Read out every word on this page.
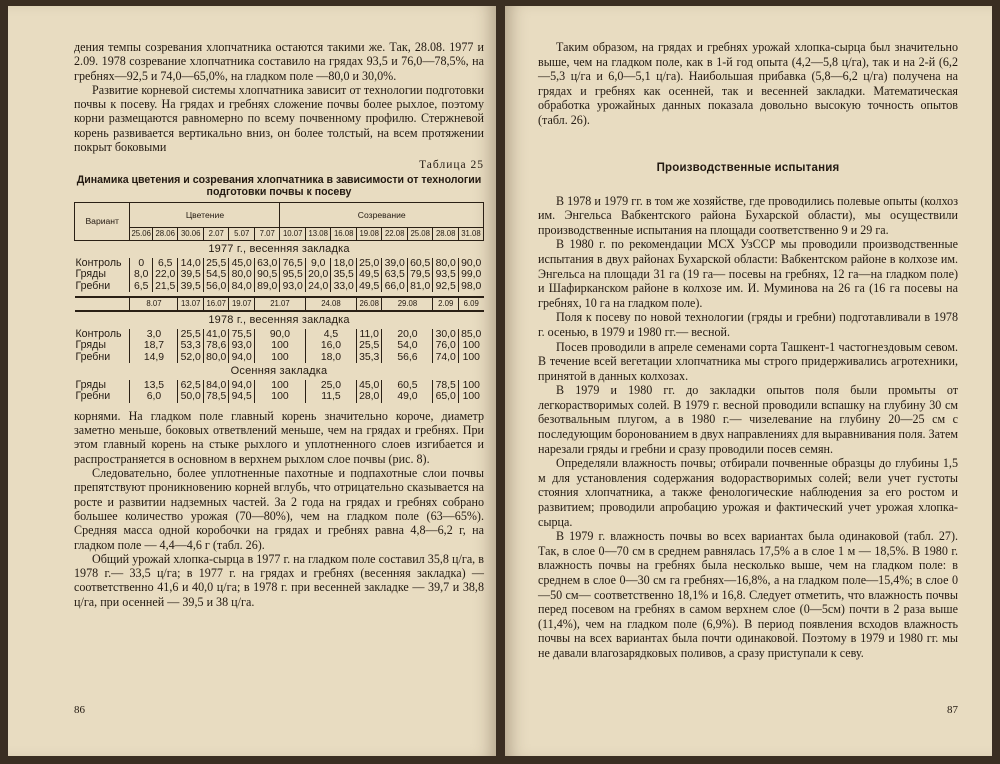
дения темпы созревания хлопчатника остаются такими же. Так, 28.08. 1977 и 2.09. 1978 созревание хлопчатника составило на грядах 93,5 и 76,0—78,5%, на гребнях—92,5 и 74,0—65,0%, на гладком поле —80,0 и 30,0%.

Развитие корневой системы хлопчатника зависит от технологии подготовки почвы к посеву. На грядах и гребнях сложение почвы более рыхлое, поэтому корни размещаются равномерно по всему почвенному профилю. Стержневой корень развивается вертикально вниз, он более толстый, на всем протяжении покрыт боковыми

Таблица 25
Динамика цветения и созревания хлопчатника в зависимости от технологии подготовки почвы к посеву
Вариант	Цветение						Созревание							
	25.06	28.06	30.06	2.07	5.07	7.07	10.07	13.08	16.08	19.08	22.08	25.08	28.08	31.08
1977 г., весенняя закладка														
Контроль	0	6,5	14,0	25,5	45,0	63,0	76,5	9,0	18,0	25,0	39,0	60,5	80,0	90,0
Гряды	8,0	22,0	39,5	54,5	80,0	90,5	95,5	20,0	35,5	49,5	63,5	79,5	93,5	99,0
Гребни	6,5	21,5	39,5	56,0	84,0	89,0	93,0	24,0	33,0	49,5	66,0	81,0	92,5	98,0

	8.07		13.07	16.07	19.07	21.07		24.08		26.08	29.08		2.09	6.09
1978 г., весенняя закладка														
Контроль	3,0		25,5	41,0	75,5	90,0		4,5		11,0	20,0		30,0	85,0
Гряды	18,7		53,3	78,6	93,0	100		16,0		25,5	54,0		76,0	100
Гребни	14,9		52,0	80,0	94,0	100		18,0		35,3	56,6		74,0	100
Осенняя закладка														
Гряды	13,5		62,5	84,0	94,0	100		25,0		45,0	60,5		78,5	100
Гребни	6,0		50,0	78,5	94,5	100		11,5		28,0	49,0		65,0	100

корнями. На гладком поле главный корень значительно короче, диаметр заметно меньше, боковых ответвлений меньше, чем на грядах и гребнях. При этом главный корень на стыке рыхлого и уплотненного слоев изгибается и распространяется в основном в верхнем рыхлом слое почвы (рис. 8).

Следовательно, более уплотненные пахотные и подпахотные слои почвы препятствуют проникновению корней вглубь, что отрицательно сказывается на росте и развитии надземных частей. За 2 года на грядах и гребнях собрано большее количество урожая (70—80%), чем на гладком поле (63—65%). Средняя масса одной коробочки на грядах и гребнях равна 4,8—6,2 г, на гладком поле — 4,4—4,6 г (табл. 26).

Общий урожай хлопка-сырца в 1977 г. на гладком поле составил 35,8 ц/га, в 1978 г.— 33,5 ц/га; в 1977 г. на грядах и гребнях (весенняя закладка) — соответственно 41,6 и 40,0 ц/га; в 1978 г. при весенней закладке — 39,7 и 38,8 ц/га, при осенней — 39,5 и 38 ц/га.

86

Таким образом, на грядах и гребнях урожай хлопка-сырца был значительно выше, чем на гладком поле, как в 1-й год опыта (4,2—5,8 ц/га), так и на 2-й (6,2—5,3 ц/га и 6,0—5,1 ц/га). Наибольшая прибавка (5,8—6,2 ц/га) получена на грядах и гребнях как осенней, так и весенней закладки. Математическая обработка урожайных данных показала довольно высокую точность опытов (табл. 26).

Производственные испытания

В 1978 и 1979 гг. в том же хозяйстве, где проводились полевые опыты (колхоз им. Энгельса Вабкентского района Бухарской области), мы осуществили производственные испытания на площади соответственно 9 и 29 га.

В 1980 г. по рекомендации МСХ УзССР мы проводили производственные испытания в двух районах Бухарской области: Вабкентском районе в колхозе им. Энгельса на площади 31 га (19 га— посевы на гребнях, 12 га—на гладком поле) и Шафирканском районе в колхозе им. И. Муминова на 26 га (16 га посевы на гребнях, 10 га на гладком поле).

Поля к посеву по новой технологии (гряды и гребни) подготавливали в 1978 г. осенью, в 1979 и 1980 гг.— весной.

Посев проводили в апреле семенами сорта Ташкент-1 частогнездовым севом. В течение всей вегетации хлопчатника мы строго придерживались агротехники, принятой в данных колхозах.

В 1979 и 1980 гг. до закладки опытов поля были промыты от легкорастворимых солей. В 1979 г. весной проводили вспашку на глубину 30 см безотвальным плугом, а в 1980 г.— чизелевание на глубину 20—25 см с последующим боронованием в двух направлениях для выравнивания поля. Затем нарезали гряды и гребни и сразу проводили посев семян.

Определяли влажность почвы; отбирали почвенные образцы до глубины 1,5 м для установления содержания водорастворимых солей; вели учет густоты стояния хлопчатника, а также фенологические наблюдения за его ростом и развитием; проводили апробацию урожая и фактический учет урожая хлопка-сырца.

В 1979 г. влажность почвы во всех вариантах была одинаковой (табл. 27). Так, в слое 0—70 см в среднем равнялась 17,5% а в слое 1 м — 18,5%. В 1980 г. влажность почвы на гребнях была несколько выше, чем на гладком поле: в среднем в слое 0—30 см га гребнях—16,8%, а на гладком поле—15,4%; в слое 0—50 см— соответственно 18,1% и 16,8. Следует отметить, что влажность почвы перед посевом на гребнях в самом верхнем слое (0—5см) почти в 2 раза выше (11,4%), чем на гладком поле (6,9%). В период появления всходов влажность почвы на всех вариантах была почти одинаковой. Поэтому в 1979 и 1980 гг. мы не давали влагозарядковых поливов, а сразу приступали к севу.

87
